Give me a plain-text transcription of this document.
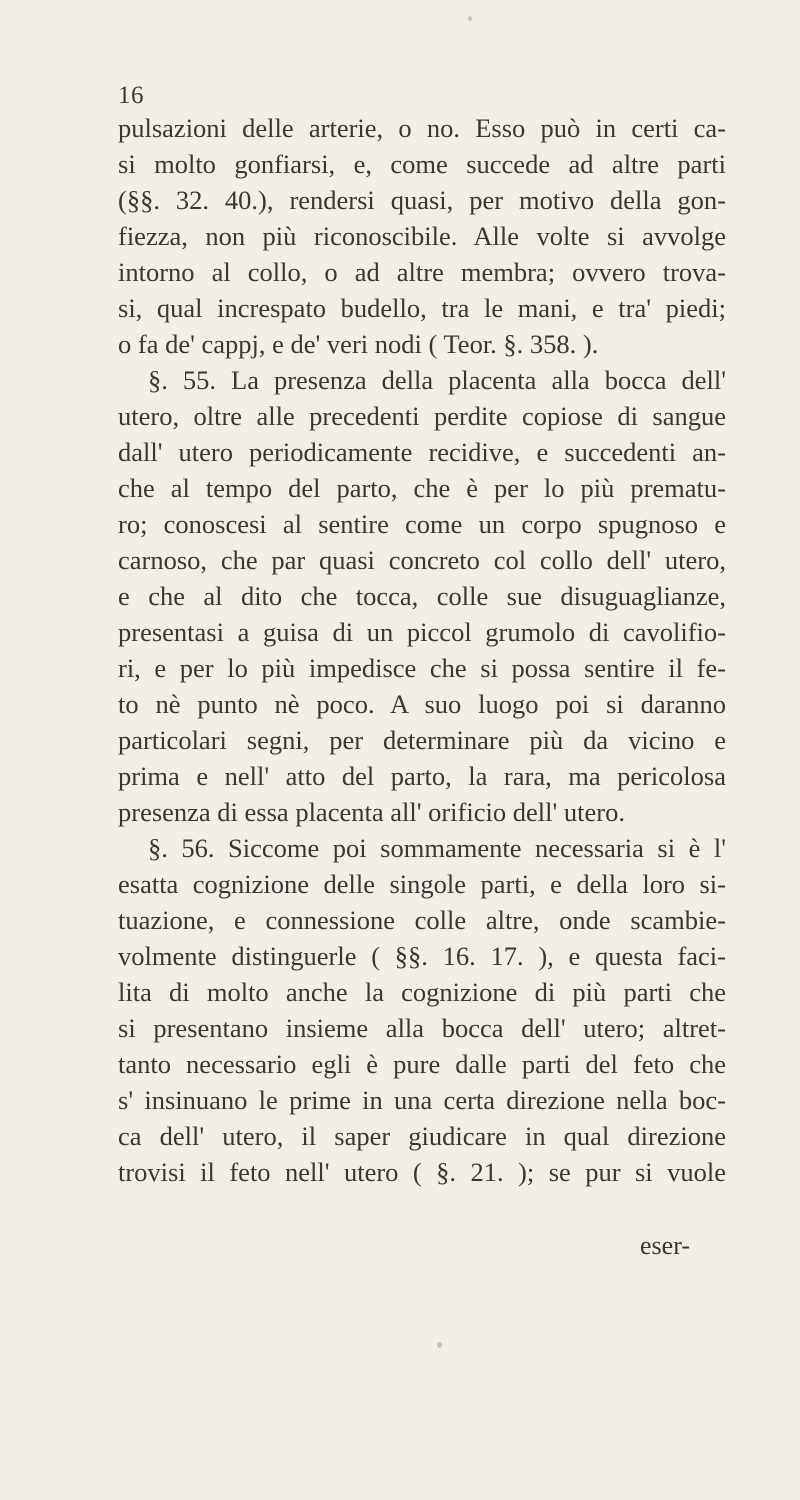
16
pulsazioni delle arterie, o no. Esso può in certi ca-
si molto gonfiarsi, e, come succede ad altre parti
(§§. 32. 40.), rendersi quasi, per motivo della gon-
fiezza, non più riconoscibile. Alle volte si avvolge
intorno al collo, o ad altre membra; ovvero trova-
si, qual increspato budello, tra le mani, e tra' piedi;
o fa de' cappj, e de' veri nodi ( Teor. §. 358. ).
§. 55. La presenza della placenta alla bocca dell'
utero, oltre alle precedenti perdite copiose di sangue
dall' utero periodicamente recidive, e succedenti an-
che al tempo del parto, che è per lo più prematu-
ro; conoscesi al sentire come un corpo spugnoso e
carnoso, che par quasi concreto col collo dell' utero,
e che al dito che tocca, colle sue disuguaglianze,
presentasi a guisa di un piccol grumolo di cavolifio-
ri, e per lo più impedisce che si possa sentire il fe-
to nè punto nè poco. A suo luogo poi si daranno
particolari segni, per determinare più da vicino e
prima e nell' atto del parto, la rara, ma pericolosa
presenza di essa placenta all' orificio dell' utero.
§. 56. Siccome poi sommamente necessaria si è l'
esatta cognizione delle singole parti, e della loro si-
tuazione, e connessione colle altre, onde scambie-
volmente distinguerle ( §§. 16. 17. ), e questa faci-
lita di molto anche la cognizione di più parti che
si presentano insieme alla bocca dell' utero; altret-
tanto necessario egli è pure dalle parti del feto che
s' insinuano le prime in una certa direzione nella boc-
ca dell' utero, il saper giudicare in qual direzione
trovisi il feto nell' utero ( §. 21. ); se pur si vuole
eser-
